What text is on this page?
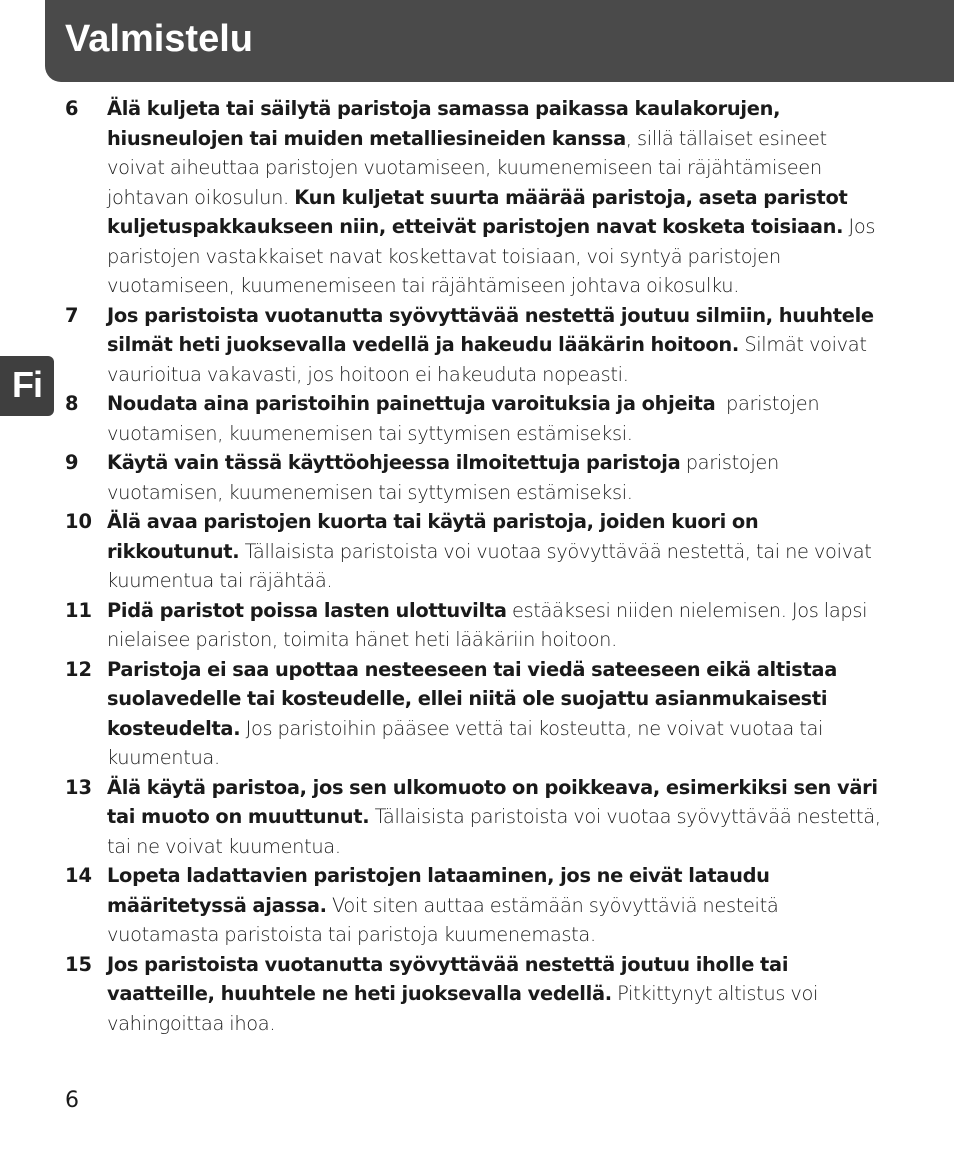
Valmistelu
Fi
6	Älä kuljeta tai säilytä paristoja samassa paikassa kaulakorujen, hiusneulojen tai muiden metalliesineiden kanssa, sillä tällaiset esineet voivat aiheuttaa paristojen vuotamiseen, kuumenemiseen tai räjähtämiseen johtavan oikosulun. Kun kuljetat suurta määrää paristoja, aseta paristot kuljetuspakkaukseen niin, etteivät paristojen navat kosketa toisiaan. Jos paristojen vastakkaiset navat koskettavat toisiaan, voi syntyä paristojen vuotamiseen, kuumenemiseen tai räjähtämiseen johtava oikosulku.
7	Jos paristoista vuotanutta syövyttävää nestettä joutuu silmiin, huuhtele silmät heti juoksevalla vedellä ja hakeudu lääkärin hoitoon. Silmät voivat vaurioitua vakavasti, jos hoitoon ei hakeuduta nopeasti.
8	Noudata aina paristoihin painettuja varoituksia ja ohjeita  paristojen vuotamisen, kuumenemisen tai syttymisen estämiseksi.
9	Käytä vain tässä käyttöohjeessa ilmoitettuja paristoja paristojen vuotamisen, kuumenemisen tai syttymisen estämiseksi.
10 Älä avaa paristojen kuorta tai käytä paristoja, joiden kuori on rikkoutunut. Tällaisista paristoista voi vuotaa syövyttävää nestettä, tai ne voivat kuumentua tai räjähtää.
11 Pidä paristot poissa lasten ulottuvilta estääksesi niiden nielemisen. Jos lapsi nielaisee pariston, toimita hänet heti lääkäriin hoitoon.
12 Paristoja ei saa upottaa nesteeseen tai viedä sateeseen eikä altistaa suolavedelle tai kosteudelle, ellei niitä ole suojattu asianmukaisesti kosteudelta. Jos paristoihin pääsee vettä tai kosteutta, ne voivat vuotaa tai kuumentua.
13 Älä käytä paristoa, jos sen ulkomuoto on poikkeava, esimerkiksi sen väri tai muoto on muuttunut. Tällaisista paristoista voi vuotaa syövyttävää nestettä, tai ne voivat kuumentua.
14 Lopeta ladattavien paristojen lataaminen, jos ne eivät lataudu määritetyssä ajassa. Voit siten auttaa estämään syövyttäviä nesteitä vuotamasta paristoista tai paristoja kuumenemasta.
15 Jos paristoista vuotanutta syövyttävää nestettä joutuu iholle tai vaatteille, huuhtele ne heti juoksevalla vedellä. Pitkittynyt altistus voi vahingoittaa ihoa.
6
